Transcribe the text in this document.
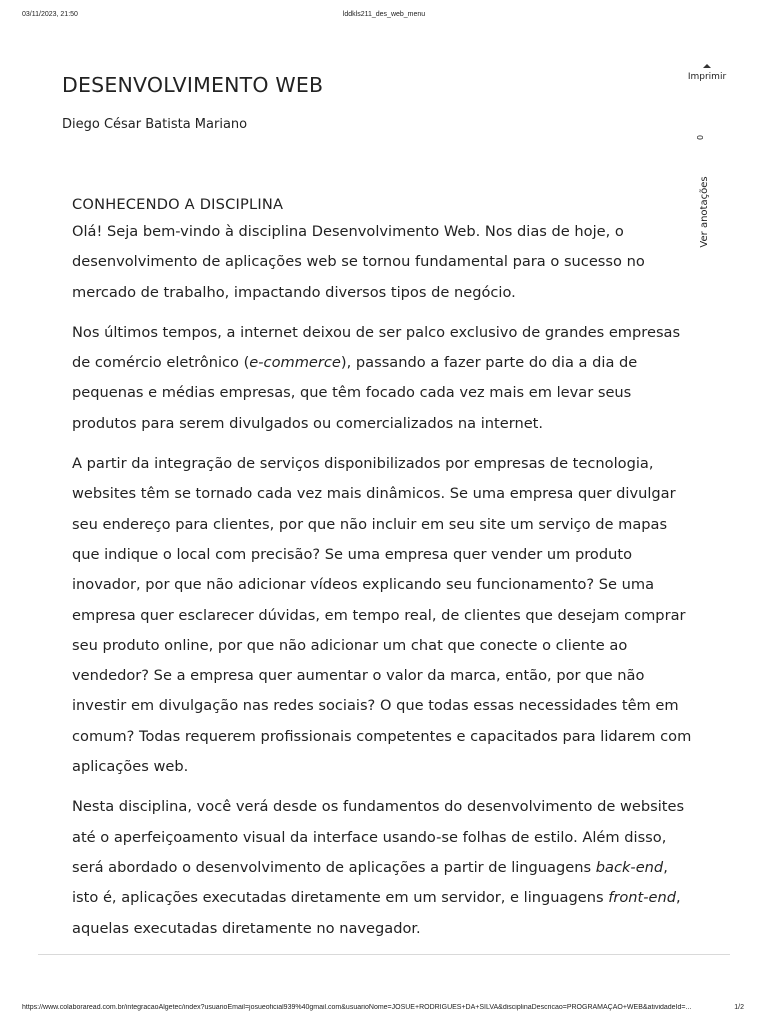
03/11/2023, 21:50	lddkls211_des_web_menu
DESENVOLVIMENTO WEB

Diego César Batista Mariano

Imprimir
0
Ver anotações
CONHECENDO A DISCIPLINA

Olá! Seja bem-vindo à disciplina Desenvolvimento Web. Nos dias de hoje, o desenvolvimento de aplicações web se tornou fundamental para o sucesso no mercado de trabalho, impactando diversos tipos de negócio.

Nos últimos tempos, a internet deixou de ser palco exclusivo de grandes empresas de comércio eletrônico (e-commerce), passando a fazer parte do dia a dia de pequenas e médias empresas, que têm focado cada vez mais em levar seus produtos para serem divulgados ou comercializados na internet.

A partir da integração de serviços disponibilizados por empresas de tecnologia, websites têm se tornado cada vez mais dinâmicos. Se uma empresa quer divulgar seu endereço para clientes, por que não incluir em seu site um serviço de mapas que indique o local com precisão? Se uma empresa quer vender um produto inovador, por que não adicionar vídeos explicando seu funcionamento? Se uma empresa quer esclarecer dúvidas, em tempo real, de clientes que desejam comprar seu produto online, por que não adicionar um chat que conecte o cliente ao vendedor? Se a empresa quer aumentar o valor da marca, então, por que não investir em divulgação nas redes sociais? O que todas essas necessidades têm em comum? Todas requerem profissionais competentes e capacitados para lidarem com aplicações web.

Nesta disciplina, você verá desde os fundamentos do desenvolvimento de websites até o aperfeiçoamento visual da interface usando-se folhas de estilo. Além disso, será abordado o desenvolvimento de aplicações a partir de linguagens back-end, isto é, aplicações executadas diretamente em um servidor, e linguagens front-end, aquelas executadas diretamente no navegador.

https://www.colaboraread.com.br/integracaoAlgetec/index?usuarioEmail=josueoficial939%40gmail.com&usuarioNome=JOSUE+RODRIGUES+DA+SILVA&disciplinaDescricao=PROGRAMAÇÃO+WEB&atividadeId=...	1/2
